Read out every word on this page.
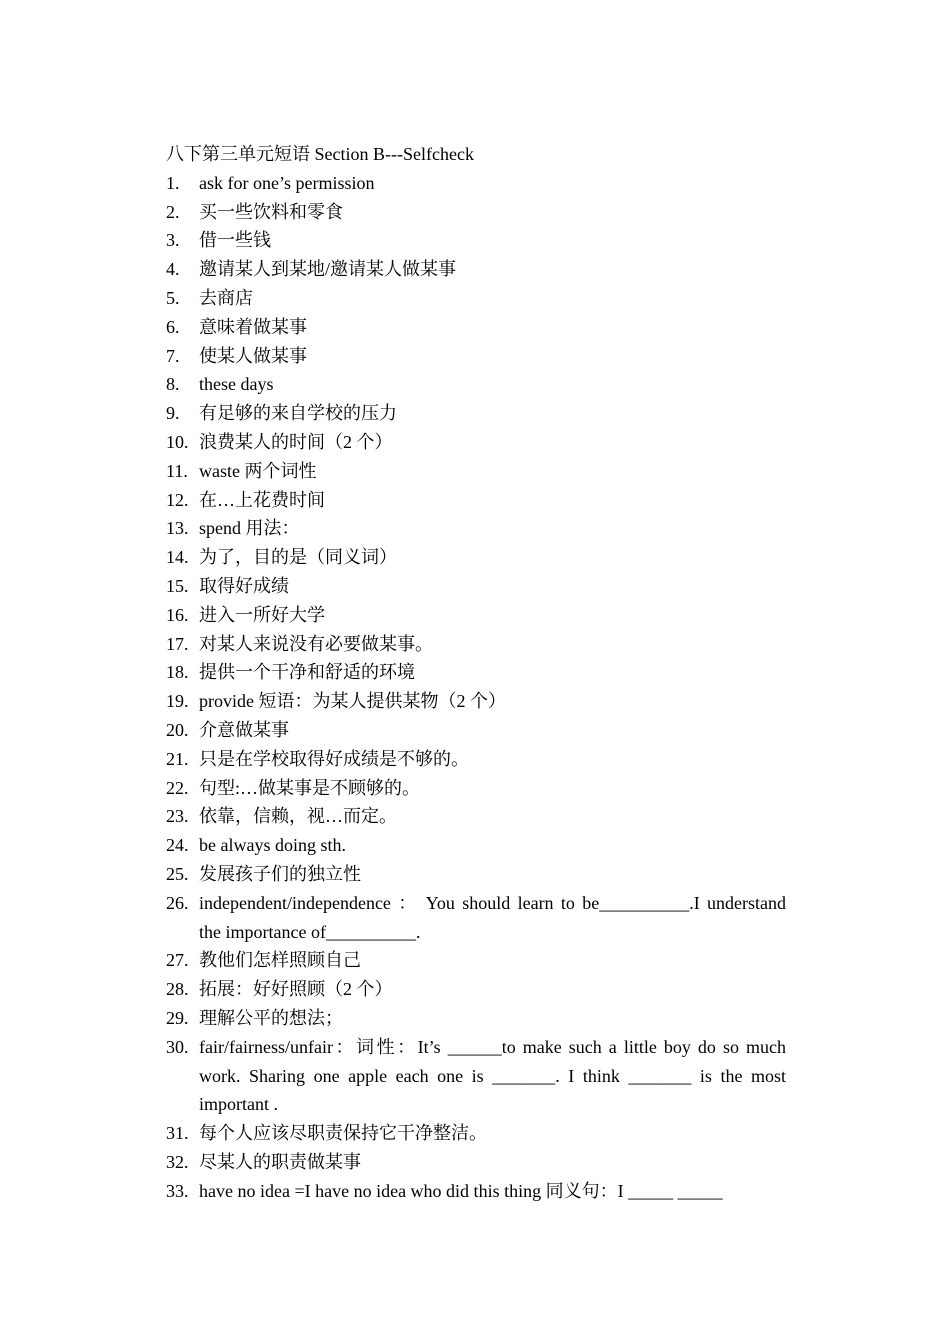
八下第三单元短语 Section B---Selfcheck
1.	ask for one’s permission
2.	买一些饮料和零食
3.	借一些钱
4.	邀请某人到某地/邀请某人做某事
5.	去商店
6.	意味着做某事
7.	使某人做某事
8.	these days
9.	有足够的来自学校的压力
10. 浪费某人的时间（2 个）
11. waste 两个词性
12. 在…上花费时间
13. spend 用法：
14. 为了，目的是（同义词）
15. 取得好成绩
16. 进入一所好大学
17. 对某人来说没有必要做某事。
18. 提供一个干净和舒适的环境
19. provide 短语：为某人提供某物（2 个）
20. 介意做某事
21. 只是在学校取得好成绩是不够的。
22. 句型:…做某事是不顾够的。
23. 依靠，信赖，视…而定。
24. be always doing sth.
25. 发展孩子们的独立性
26. independent/independence ： You should learn to be__________.I understand the importance of__________.
27. 教他们怎样照顾自己
28. 拓展：好好照顾（2 个）
29. 理解公平的想法；
30. fair/fairness/unfair：词性：It’s ______to make such a little boy do so much work. Sharing one apple each one is _______. I think _______ is the most important .
31. 每个人应该尽职责保持它干净整洁。
32. 尽某人的职责做某事
33. have no idea =I have no idea who did this thing 同义句：I _____ _____
